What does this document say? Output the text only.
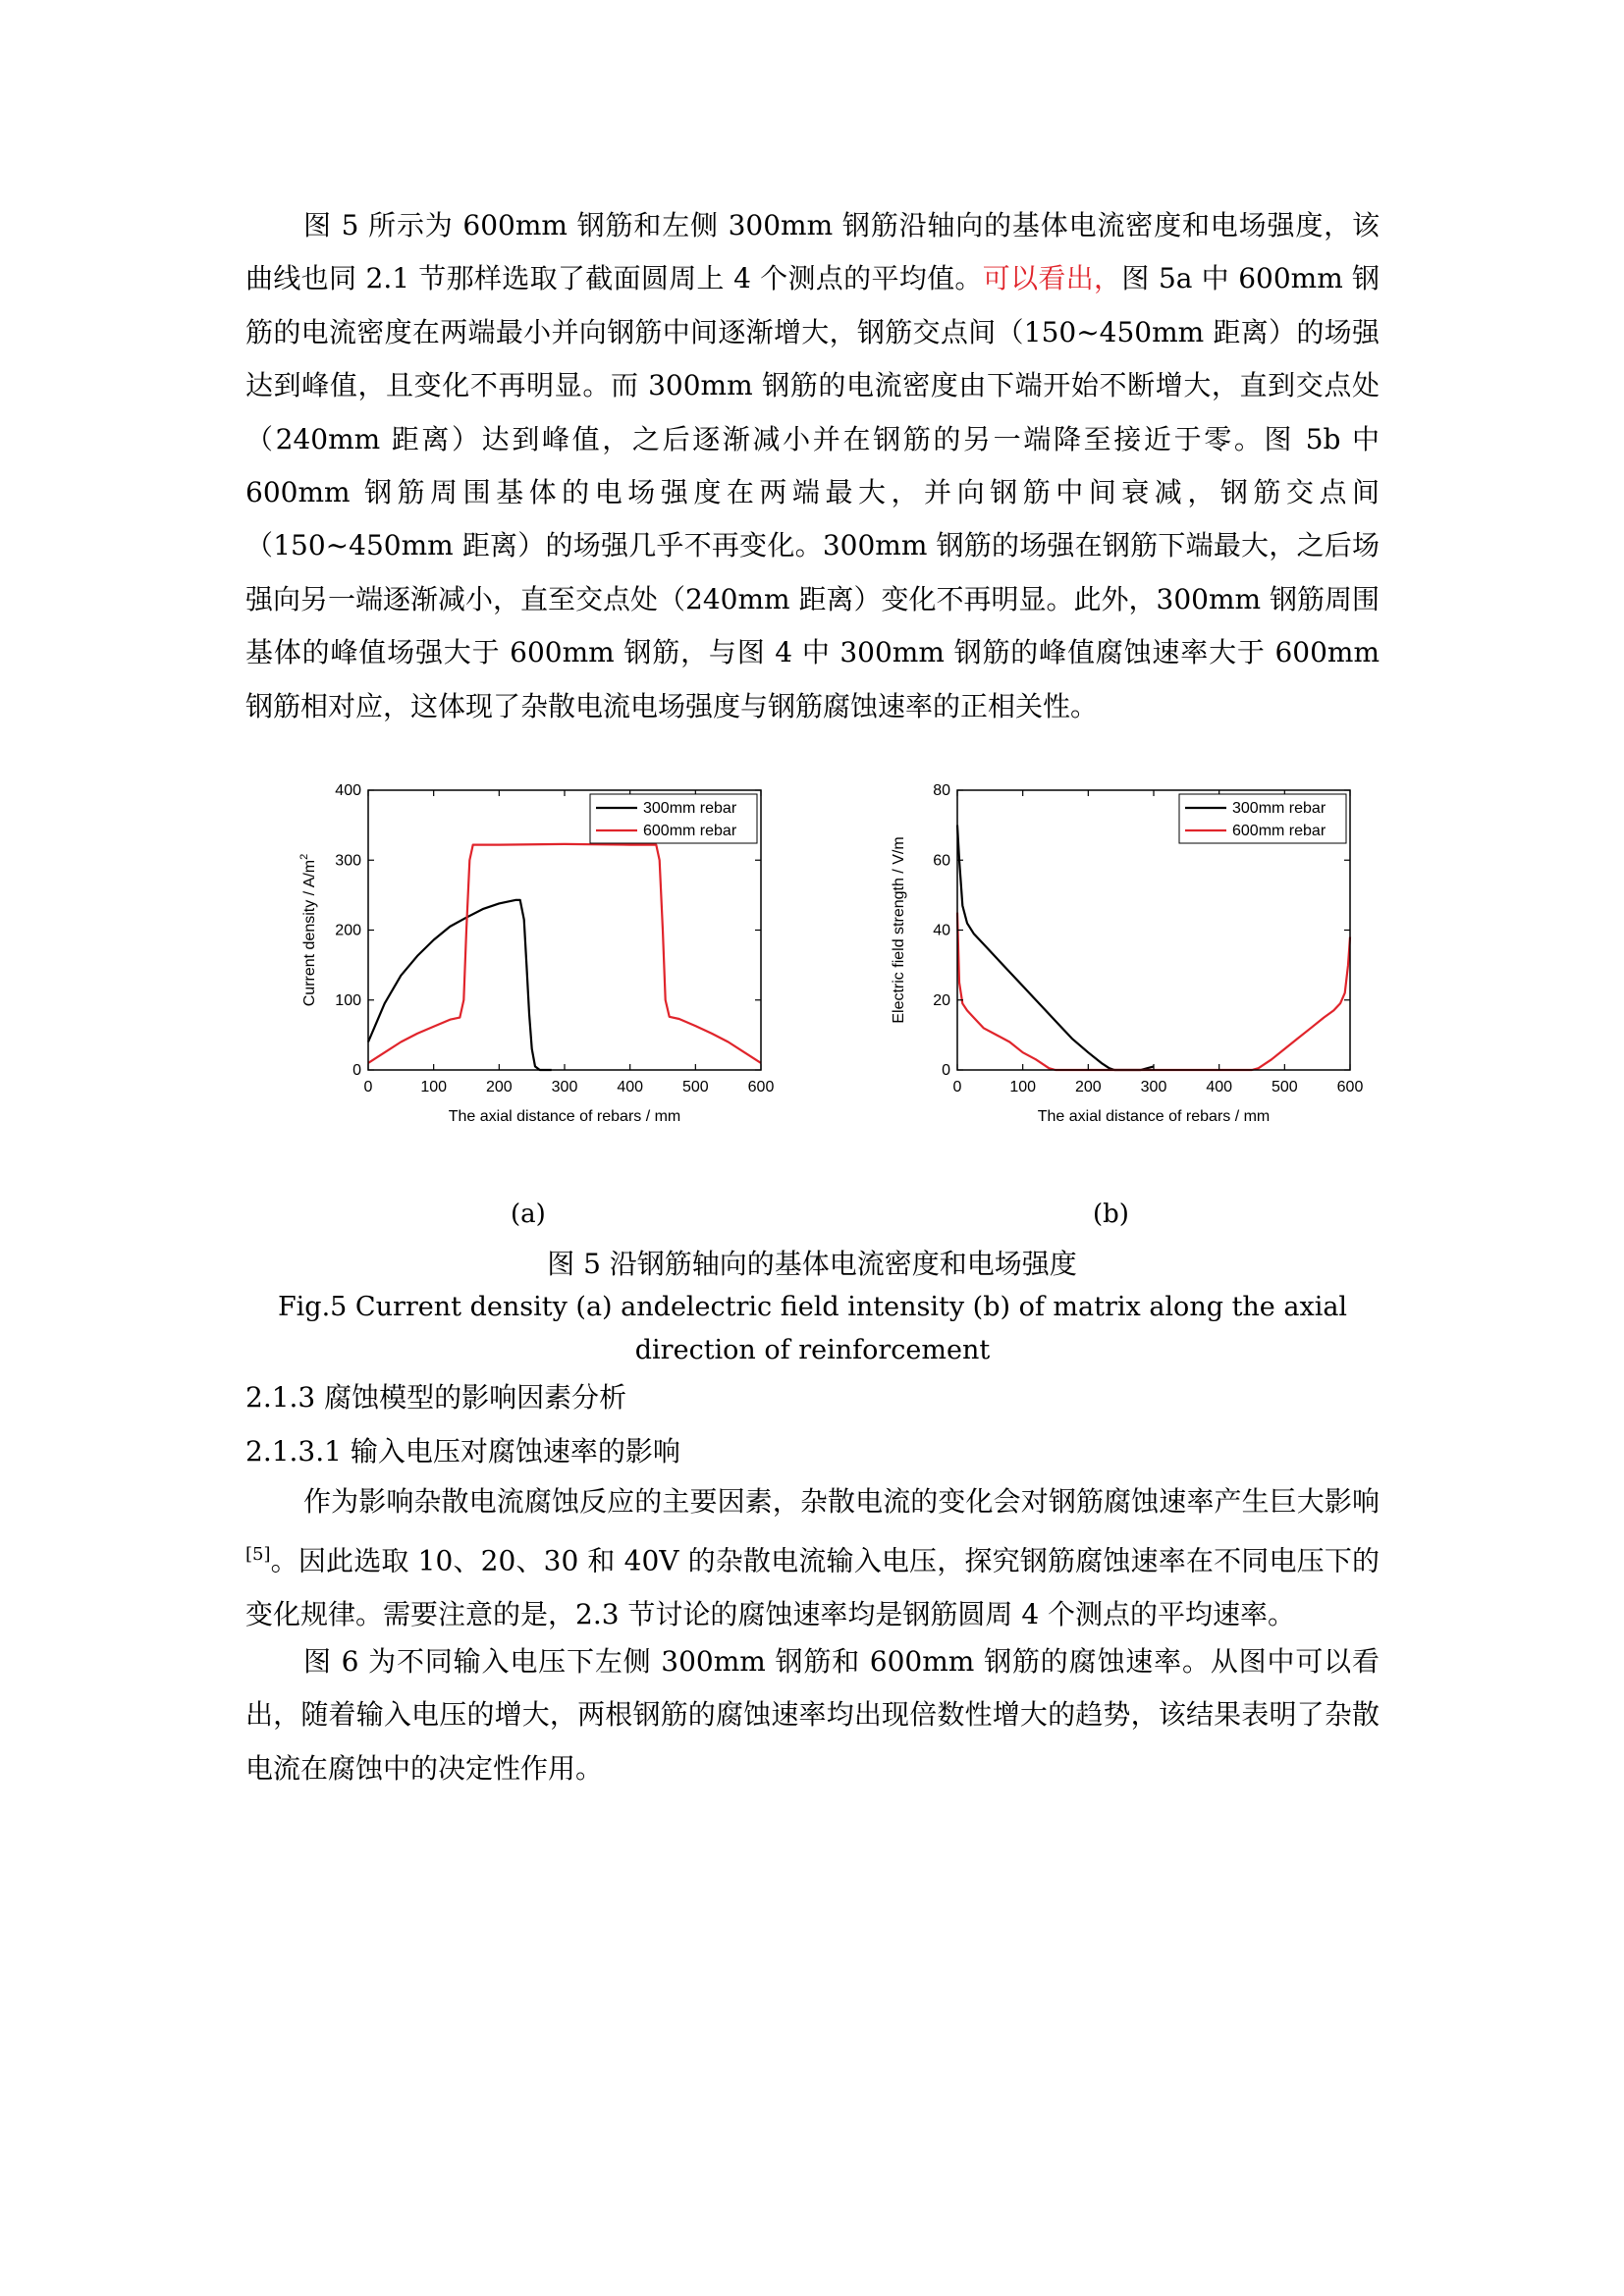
图 5 所示为 600mm 钢筋和左侧 300mm 钢筋沿轴向的基体电流密度和电场强度，该曲线也同 2.1 节那样选取了截面圆周上 4 个测点的平均值。可以看出，图 5a 中 600mm 钢筋的电流密度在两端最小并向钢筋中间逐渐增大，钢筋交点间（150~450mm 距离）的场强达到峰值，且变化不再明显。而 300mm 钢筋的电流密度由下端开始不断增大，直到交点处（240mm 距离）达到峰值，之后逐渐减小并在钢筋的另一端降至接近于零。图 5b 中 600mm 钢筋周围基体的电场强度在两端最大，并向钢筋中间衰减，钢筋交点间（150~450mm 距离）的场强几乎不再变化。300mm 钢筋的场强在钢筋下端最大，之后场强向另一端逐渐减小，直至交点处（240mm 距离）变化不再明显。此外，300mm 钢筋周围基体的峰值场强大于 600mm 钢筋，与图 4 中 300mm 钢筋的峰值腐蚀速率大于 600mm 钢筋相对应，这体现了杂散电流电场强度与钢筋腐蚀速率的正相关性。

0	100 200 300 400 500 600
0
100
200
300
400
The axial distance of rebars / mm
Current density / $A/m^2$
300mm rebar
600mm rebar
0	100 200 300 400 500 600
0
20
40
60
80
The axial distance of rebars / mm
Electric field strength / V/m
300mm rebar
600mm rebar
(a)	(b)
图 5 沿钢筋轴向的基体电流密度和电场强度
Fig.5 Current density (a) andelectric field intensity (b) of matrix along the axial direction of reinforcement
2.1.3 腐蚀模型的影响因素分析
2.1.3.1 输入电压对腐蚀速率的影响

作为影响杂散电流腐蚀反应的主要因素，杂散电流的变化会对钢筋腐蚀速率产生巨大影响[5]。因此选取 10、20、30 和 40V 的杂散电流输入电压，探究钢筋腐蚀速率在不同电压下的变化规律。需要注意的是，2.3 节讨论的腐蚀速率均是钢筋圆周 4 个测点的平均速率。

图 6 为不同输入电压下左侧 300mm 钢筋和 600mm 钢筋的腐蚀速率。从图中可以看出，随着输入电压的增大，两根钢筋的腐蚀速率均出现倍数性增大的趋势，该结果表明了杂散电流在腐蚀中的决定性作用。
